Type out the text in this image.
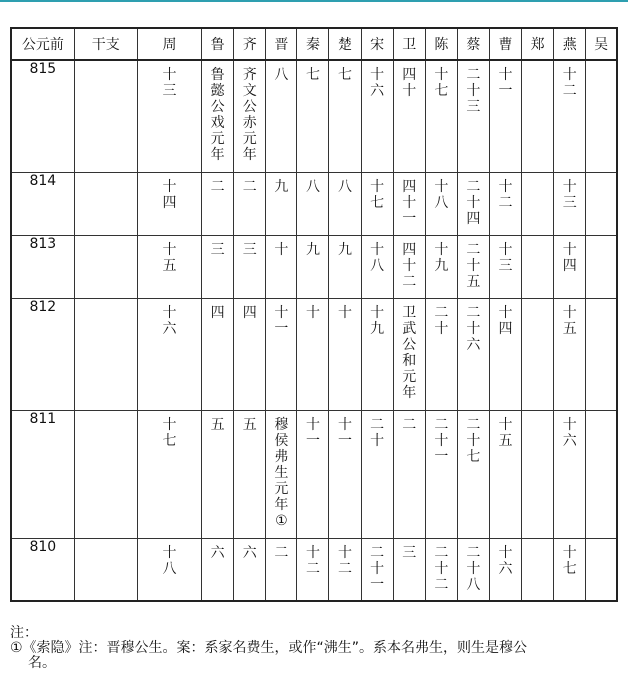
公元前	干支	周	鲁	齐	晋	秦	楚	宋	卫	陈	蔡	曹	郑	燕	吴
815		十三	鲁懿公戏元年	齐文公赤元年	八	七	七	十六	四十	十七	二十三	十一		十二	
814		十四	二	二	九	八	八	十七	四十一	十八	二十四	十二		十三	
813		十五	三	三	十	九	九	十八	四十二	十九	二十五	十三		十四	
812		十六	四	四	十一	十	十	十九	卫武公和元年	二十	二十六	十四		十五	
811		十七	五	五	穆侯弗生元年①	十一	十一	二十	二	二十一	二十七	十五		十六	
810		十八	六	六	二	十二	十二	二十一	三	二十二	二十八	十六		十七	

注：

①《索隐》注：晋穆公生。案：系家名费生，或作“沸生”。系本名弗生，则生是穆公

名。
